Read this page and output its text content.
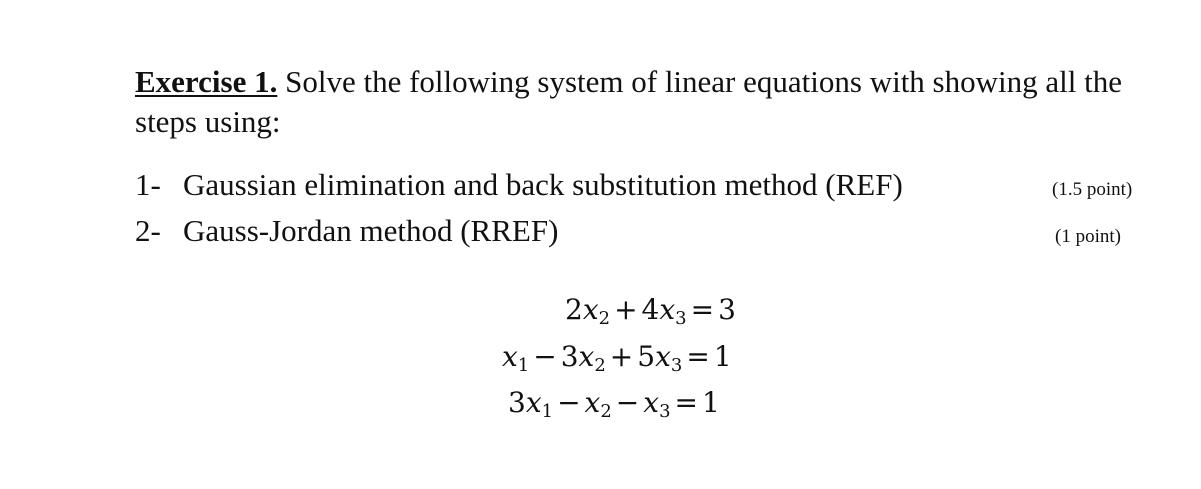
Exercise 1. Solve the following system of linear equations with showing all the steps using:
1- Gaussian elimination and back substitution method (REF)	(1.5 point)
2- Gauss-Jordan method (RREF)	(1 point)
$2x_2 + 4x_3 = 3$
$x_1 - 3x_2 + 5x_3 = 1$
$3x_1 - x_2 - x_3 = 1$
